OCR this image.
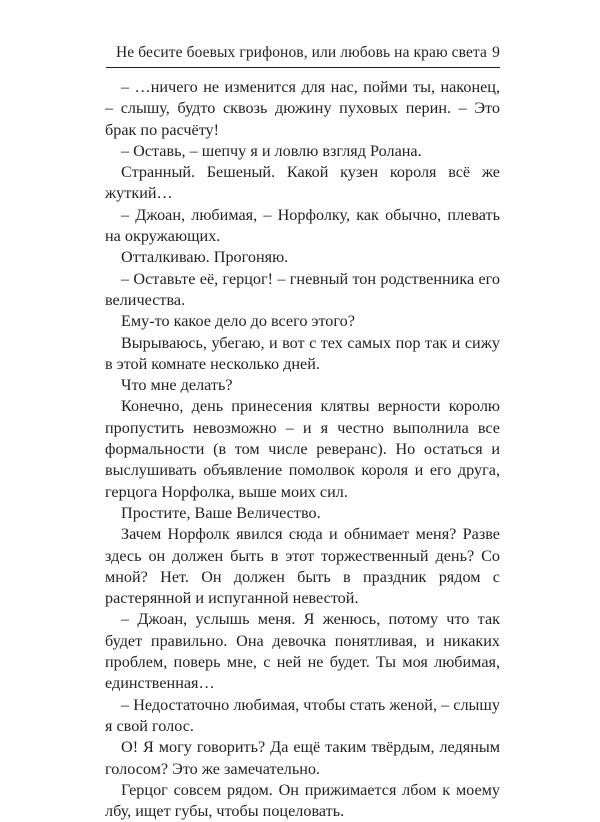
Не бесите боевых грифонов, или любовь на краю света 9

– …ничего не изменится для нас, пойми ты, наконец, – слышу, будто сквозь дюжину пуховых перин. – Это брак по расчёту!

– Оставь, – шепчу я и ловлю взгляд Ролана.

Странный. Бешеный. Какой кузен короля всё же жуткий…

– Джоан, любимая, – Норфолку, как обычно, плевать на окружающих.

Отталкиваю. Прогоняю.

– Оставьте её, герцог! – гневный тон родственника его величества.

Ему-то какое дело до всего этого?

Вырываюсь, убегаю, и вот с тех самых пор так и сижу в этой комнате несколько дней.

Что мне делать?

Конечно, день принесения клятвы верности королю пропустить невозможно – и я честно выполнила все формальности (в том числе реверанс). Но остаться и выслушивать объявление помолвок короля и его друга, герцога Норфолка, выше моих сил.

Простите, Ваше Величество.

Зачем Норфолк явился сюда и обнимает меня? Разве здесь он должен быть в этот торжественный день? Со мной? Нет. Он должен быть в праздник рядом с растерянной и испуганной невестой.

– Джоан, услышь меня. Я женюсь, потому что так будет правильно. Она девочка понятливая, и никаких проблем, поверь мне, с ней не будет. Ты моя любимая, единственная…

– Недостаточно любимая, чтобы стать женой, – слышу я свой голос.

О! Я могу говорить? Да ещё таким твёрдым, ледяным голосом? Это же замечательно.

Герцог совсем рядом. Он прижимается лбом к моему лбу, ищет губы, чтобы поцеловать.
